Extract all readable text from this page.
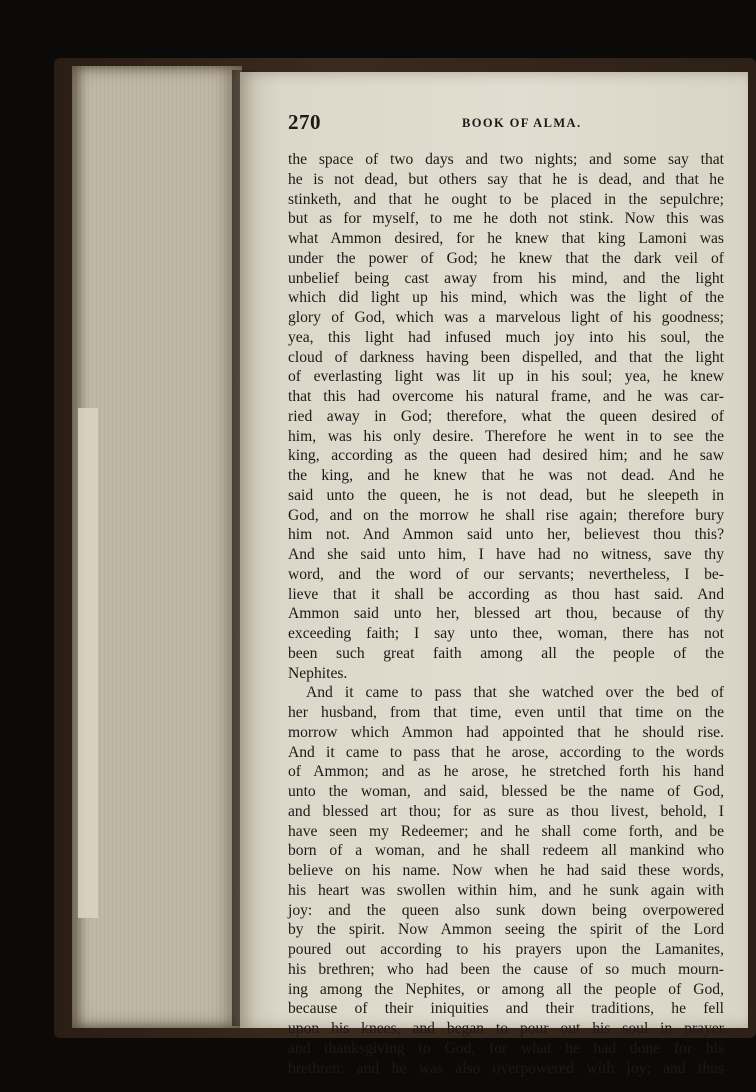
270	BOOK OF ALMA.
the space of two days and two nights; and some say that
he is not dead, but others say that he is dead, and that he
stinketh, and that he ought to be placed in the sepulchre;
but as for myself, to me he doth not stink. Now this was
what Ammon desired, for he knew that king Lamoni was
under the power of God; he knew that the dark veil of
unbelief being cast away from his mind, and the light
which did light up his mind, which was the light of the
glory of God, which was a marvelous light of his goodness;
yea, this light had infused much joy into his soul, the
cloud of darkness having been dispelled, and that the light
of everlasting light was lit up in his soul; yea, he knew
that this had overcome his natural frame, and he was car-
ried away in God; therefore, what the queen desired of
him, was his only desire. Therefore he went in to see the
king, according as the queen had desired him; and he saw
the king, and he knew that he was not dead. And he
said unto the queen, he is not dead, but he sleepeth in
God, and on the morrow he shall rise again; therefore bury
him not. And Ammon said unto her, believest thou this?
And she said unto him, I have had no witness, save thy
word, and the word of our servants; nevertheless, I be-
lieve that it shall be according as thou hast said. And
Ammon said unto her, blessed art thou, because of thy
exceeding faith; I say unto thee, woman, there has not
been such great faith among all the people of the
Nephites.
And it came to pass that she watched over the bed of
her husband, from that time, even until that time on the
morrow which Ammon had appointed that he should rise.
And it came to pass that he arose, according to the words
of Ammon; and as he arose, he stretched forth his hand
unto the woman, and said, blessed be the name of God,
and blessed art thou; for as sure as thou livest, behold, I
have seen my Redeemer; and he shall come forth, and be
born of a woman, and he shall redeem all mankind who
believe on his name. Now when he had said these words,
his heart was swollen within him, and he sunk again with
joy: and the queen also sunk down being overpowered
by the spirit. Now Ammon seeing the spirit of the Lord
poured out according to his prayers upon the Lamanites,
his brethren; who had been the cause of so much mourn-
ing among the Nephites, or among all the people of God,
because of their iniquities and their traditions, he fell
upon his knees, and began to pour out his soul in prayer
and thanksgiving to God, for what he had done for his
brethren: and he was also overpowered with joy; and thus
